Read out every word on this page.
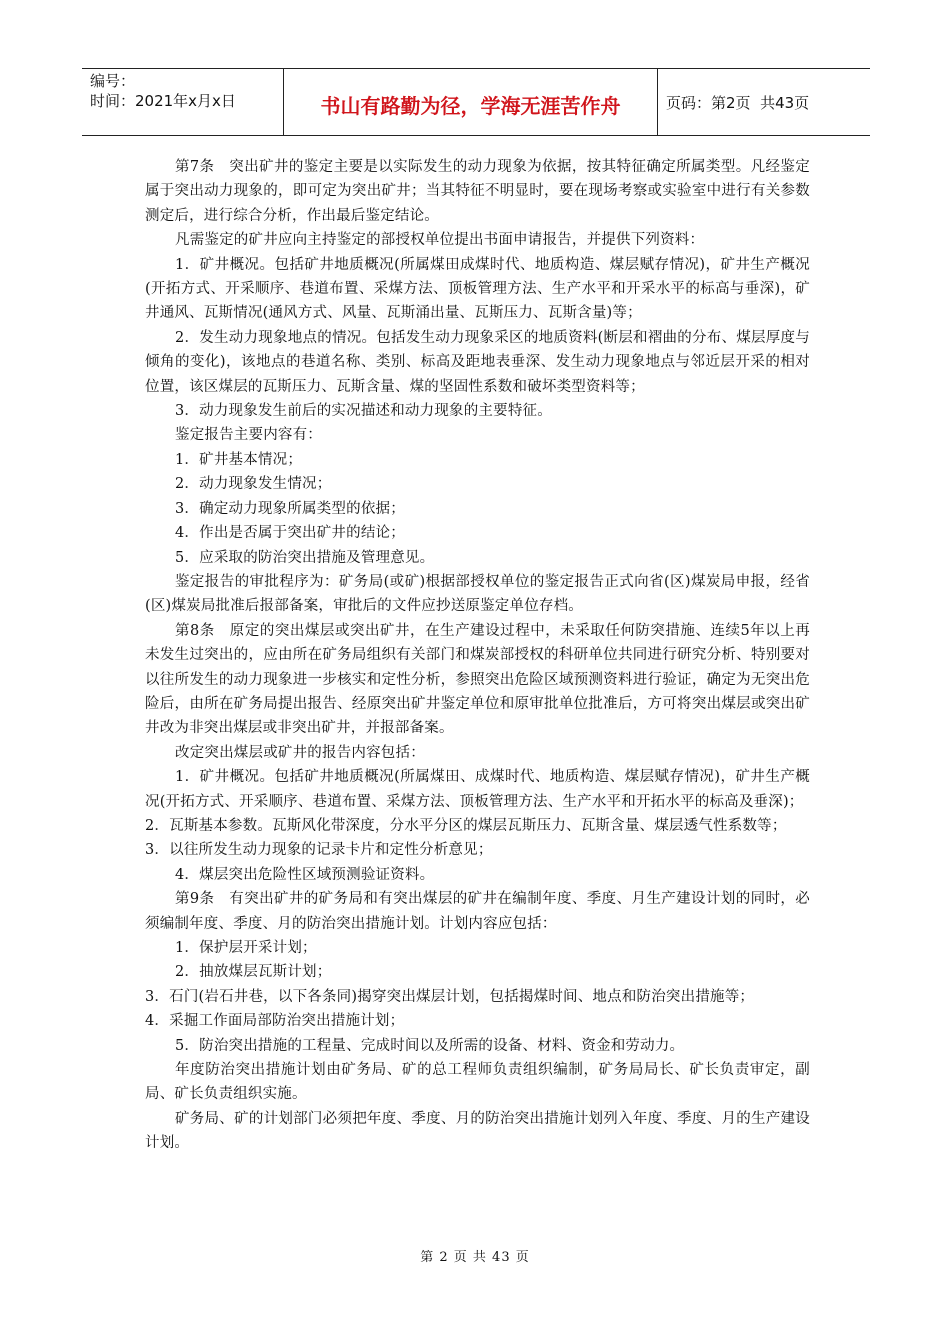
编号：
时间：2021年x月x日	书山有路勤为径，学海无涯苦作舟	页码：第2页  共43页

第7条　突出矿井的鉴定主要是以实际发生的动力现象为依据，按其特征确定所属类型。凡经鉴定属于突出动力现象的，即可定为突出矿井；当其特征不明显时，要在现场考察或实验室中进行有关参数测定后，进行综合分析，作出最后鉴定结论。

凡需鉴定的矿井应向主持鉴定的部授权单位提出书面申请报告，并提供下列资料：

1．矿井概况。包括矿井地质概况(所属煤田成煤时代、地质构造、煤层赋存情况)，矿井生产概况(开拓方式、开采顺序、巷道布置、采煤方法、顶板管理方法、生产水平和开采水平的标高与垂深)，矿井通风、瓦斯情况(通风方式、风量、瓦斯涌出量、瓦斯压力、瓦斯含量)等；

2．发生动力现象地点的情况。包括发生动力现象采区的地质资料(断层和褶曲的分布、煤层厚度与倾角的变化)，该地点的巷道名称、类别、标高及距地表垂深、发生动力现象地点与邻近层开采的相对位置，该区煤层的瓦斯压力、瓦斯含量、煤的坚固性系数和破坏类型资料等；

3．动力现象发生前后的实况描述和动力现象的主要特征。

鉴定报告主要内容有：

1．矿井基本情况；

2．动力现象发生情况；

3．确定动力现象所属类型的依据；

4．作出是否属于突出矿井的结论；

5．应采取的防治突出措施及管理意见。

鉴定报告的审批程序为：矿务局(或矿)根据部授权单位的鉴定报告正式向省(区)煤炭局申报，经省(区)煤炭局批准后报部备案，审批后的文件应抄送原鉴定单位存档。

第8条　原定的突出煤层或突出矿井，在生产建设过程中，未采取任何防突措施、连续5年以上再未发生过突出的，应由所在矿务局组织有关部门和煤炭部授权的科研单位共同进行研究分析、特别要对以往所发生的动力现象进一步核实和定性分析，参照突出危险区域预测资料进行验证，确定为无突出危险后，由所在矿务局提出报告、经原突出矿井鉴定单位和原审批单位批准后，方可将突出煤层或突出矿井改为非突出煤层或非突出矿井，并报部备案。

改定突出煤层或矿井的报告内容包括：

1．矿井概况。包括矿井地质概况(所属煤田、成煤时代、地质构造、煤层赋存情况)，矿井生产概况(开拓方式、开采顺序、巷道布置、采煤方法、顶板管理方法、生产水平和开拓水平的标高及垂深)；

2．瓦斯基本参数。瓦斯风化带深度，分水平分区的煤层瓦斯压力、瓦斯含量、煤层透气性系数等；

3．以往所发生动力现象的记录卡片和定性分析意见；

4．煤层突出危险性区域预测验证资料。

第9条　有突出矿井的矿务局和有突出煤层的矿井在编制年度、季度、月生产建设计划的同时，必须编制年度、季度、月的防治突出措施计划。计划内容应包括：

1．保护层开采计划；

2．抽放煤层瓦斯计划；

3．石门(岩石井巷，以下各条同)揭穿突出煤层计划，包括揭煤时间、地点和防治突出措施等；

4．采掘工作面局部防治突出措施计划；

5．防治突出措施的工程量、完成时间以及所需的设备、材料、资金和劳动力。

年度防治突出措施计划由矿务局、矿的总工程师负责组织编制，矿务局局长、矿长负责审定，副局、矿长负责组织实施。

矿务局、矿的计划部门必须把年度、季度、月的防治突出措施计划列入年度、季度、月的生产建设计划。

第 2 页 共 43 页
